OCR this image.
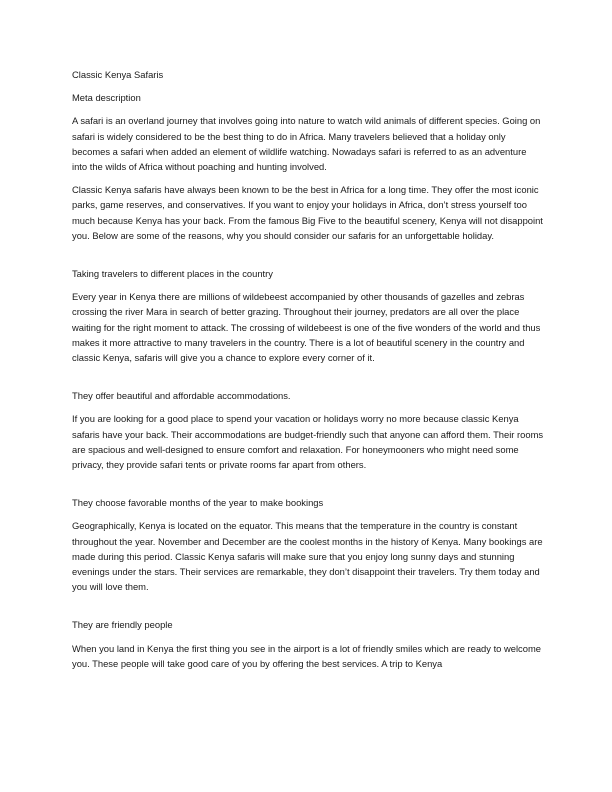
Classic Kenya Safaris

Meta description

A safari is an overland journey that involves going into nature to watch wild animals of different species. Going on safari is widely considered to be the best thing to do in Africa. Many travelers believed that a holiday only becomes a safari when added an element of wildlife watching. Nowadays safari is referred to as an adventure into the wilds of Africa without poaching and hunting involved.

Classic Kenya safaris have always been known to be the best in Africa for a long time. They offer the most iconic parks, game reserves, and conservatives. If you want to enjoy your holidays in Africa, don’t stress yourself too much because Kenya has your back. From the famous Big Five to the beautiful scenery, Kenya will not disappoint you. Below are some of the reasons, why you should consider our safaris for an unforgettable holiday.

Taking travelers to different places in the country

Every year in Kenya there are millions of wildebeest accompanied by other thousands of gazelles and zebras crossing the river Mara in search of better grazing. Throughout their journey, predators are all over the place waiting for the right moment to attack. The crossing of wildebeest is one of the five wonders of the world and thus makes it more attractive to many travelers in the country. There is a lot of beautiful scenery in the country and classic Kenya, safaris will give you a chance to explore every corner of it.

They offer beautiful and affordable accommodations.

If you are looking for a good place to spend your vacation or holidays worry no more because classic Kenya safaris have your back. Their accommodations are budget-friendly such that anyone can afford them. Their rooms are spacious and well-designed to ensure comfort and relaxation. For honeymooners who might need some privacy, they provide safari tents or private rooms far apart from others.

They choose favorable months of the year to make bookings

Geographically, Kenya is located on the equator. This means that the temperature in the country is constant throughout the year. November and December are the coolest months in the history of Kenya. Many bookings are made during this period. Classic Kenya safaris will make sure that you enjoy long sunny days and stunning evenings under the stars. Their services are remarkable, they don’t disappoint their travelers. Try them today and you will love them.

They are friendly people

When you land in Kenya the first thing you see in the airport is a lot of friendly smiles which are ready to welcome you. These people will take good care of you by offering the best services. A trip to Kenya
